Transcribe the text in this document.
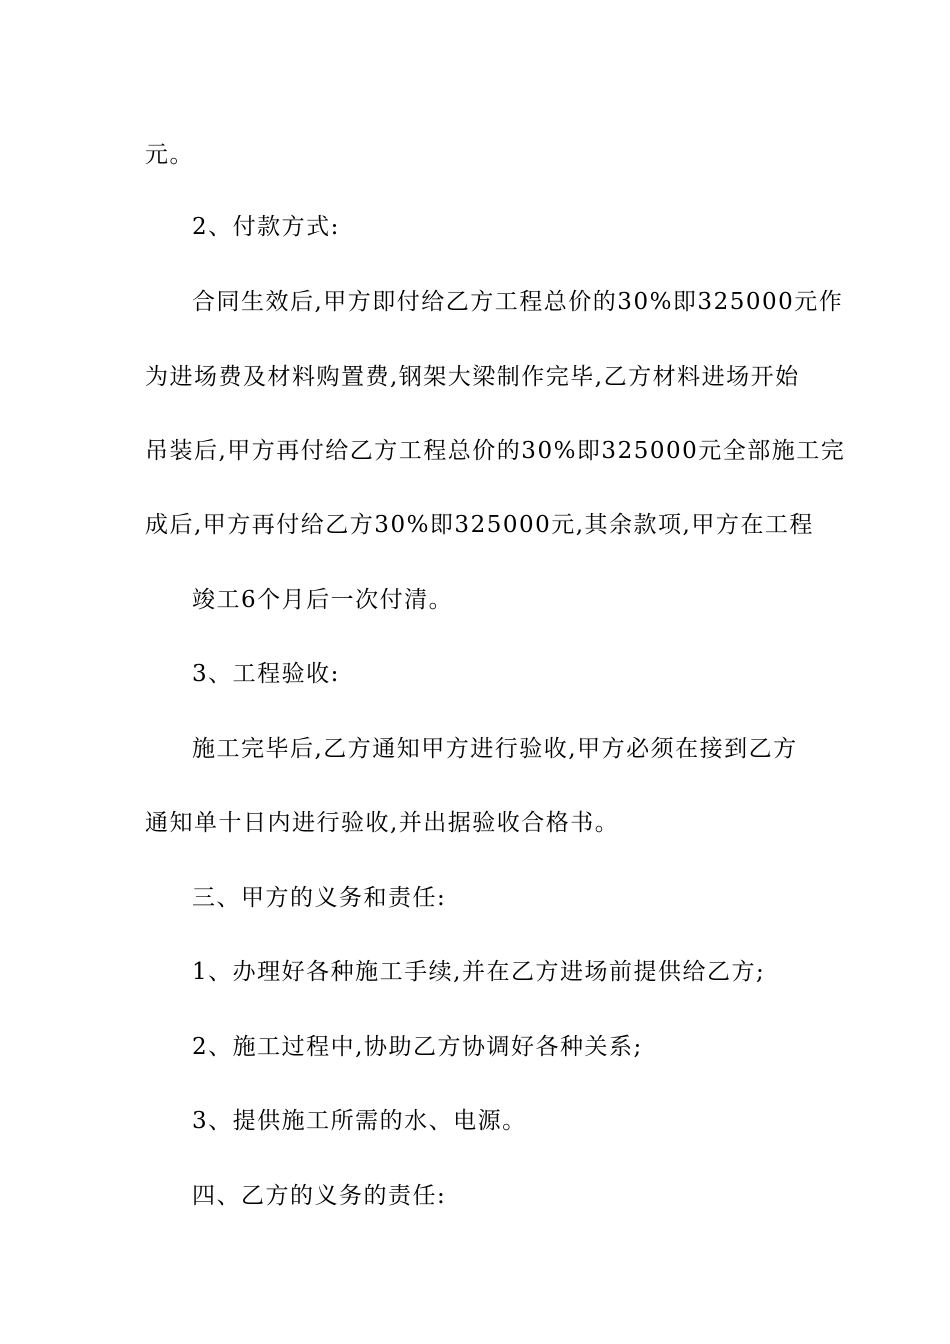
元。
2、付款方式:
合同生效后,甲方即付给乙方工程总价的30%即325000元作
为进场费及材料购置费,钢架大梁制作完毕,乙方材料进场开始
吊装后,甲方再付给乙方工程总价的30%即325000元全部施工完
成后,甲方再付给乙方30%即325000元,其余款项,甲方在工程
竣工6个月后一次付清。
3、工程验收:
施工完毕后,乙方通知甲方进行验收,甲方必须在接到乙方
通知单十日内进行验收,并出据验收合格书。
三、甲方的义务和责任:
1、办理好各种施工手续,并在乙方进场前提供给乙方;
2、施工过程中,协助乙方协调好各种关系;
3、提供施工所需的水、电源。
四、乙方的义务的责任:
